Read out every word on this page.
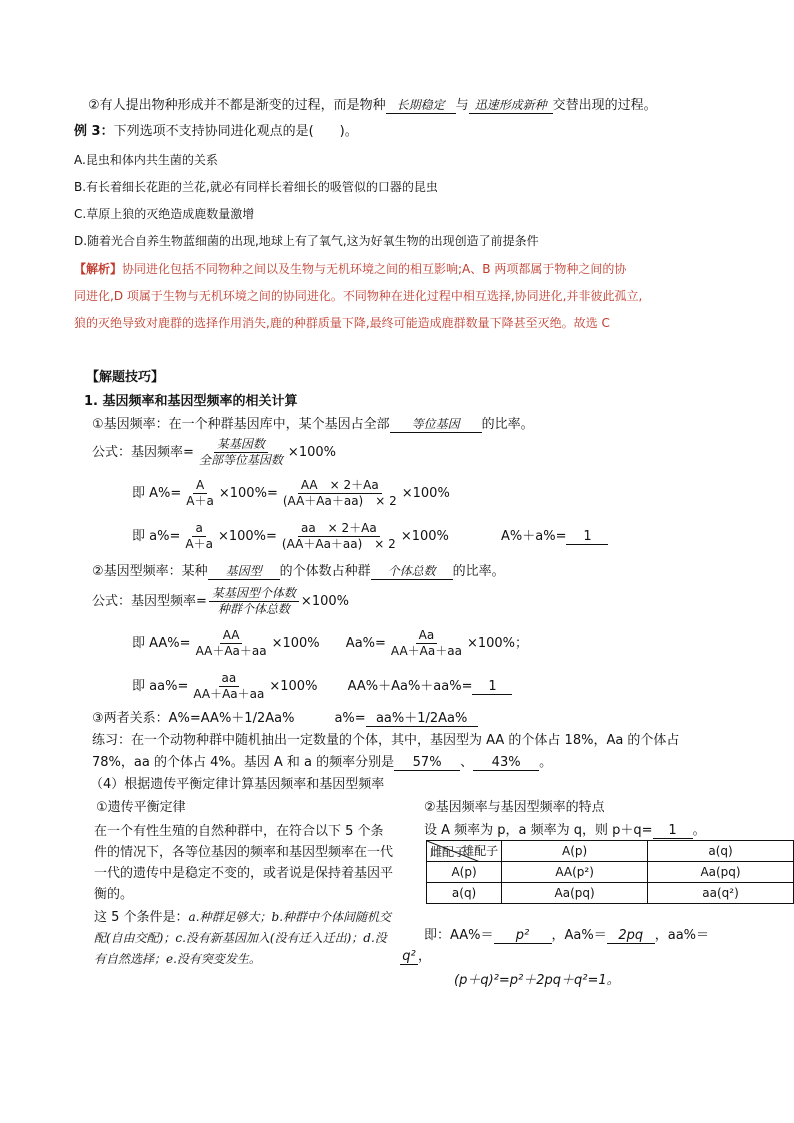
②有人提出物种形成并不都是渐变的过程，而是物种 长期稳定 与 迅速形成新种 交替出现的过程。
例 3：下列选项不支持协同进化观点的是(　　)。
A.昆虫和体内共生菌的关系
B.有长着细长花距的兰花,就必有同样长着细长的吸管似的口器的昆虫
C.草原上狼的灭绝造成鹿数量激增
D.随着光合自养生物蓝细菌的出现,地球上有了氧气,这为好氧生物的出现创造了前提条件
【解析】协同进化包括不同物种之间以及生物与无机环境之间的相互影响;A、B 两项都属于物种之间的协
同进化,D 项属于生物与无机环境之间的协同进化。不同物种在进化过程中相互选择,协同进化,并非彼此孤立,
狼的灭绝导致对鹿群的选择作用消失,鹿的种群质量下降,最终可能造成鹿群数量下降甚至灭绝。故选 C
【解题技巧】
1. 基因频率和基因型频率的相关计算
①基因频率：在一个种群基因库中，某个基因占全部 等位基因 的比率。
公式：基因频率= $\frac{\text{某基因数}}{\text{全部等位基因数}} \times 100\%$
即 $A\%= \frac{A}{A+a} \times 100\%= \frac{AA \times 2+Aa}{(AA+Aa+aa) \times 2} \times 100\%$
即 $a\%= \frac{a}{A+a} \times 100\%= \frac{aa \times 2+Aa}{(AA+Aa+aa) \times 2} \times 100\%$	A%＋a%= 1
②基因型频率：某种 基因型 的个体数占种群 个体总数 的比率。
公式：基因型频率= $\frac{\text{某基因型个体数}}{\text{种群个体总数}} \times 100\%$
即 $AA\%= \frac{AA}{AA+Aa+aa} \times 100\%$ $Aa\%= \frac{Aa}{AA+Aa+aa} \times 100\%$；
即 $aa\%= \frac{aa}{AA+Aa+aa} \times 100\%$ AA%＋Aa%＋aa%= 1
③两者关系：A%=AA%＋1/2Aa%	a%= aa%＋1/2Aa%
练习：在一个动物种群中随机抽出一定数量的个体，其中，基因型为 AA 的个体占 18%，Aa 的个体占
78%，aa 的个体占 4%。基因 A 和 a 的频率分别是 57% 、 43% 。
（4）根据遗传平衡定律计算基因频率和基因型频率
①遗传平衡定律
在一个有性生殖的自然种群中，在符合以下 5 个条件的情况下，各等位基因的频率和基因型频率在一代一代的遗传中是稳定不变的，或者说是保持着基因平衡的。
这 5 个条件是：a.种群足够大；b.种群中个体间随机交配(自由交配)；c.没有新基因加入(没有迁入迁出)；d.没有自然选择；e.没有突变发生。
②基因频率与基因型频率的特点
设 A 频率为 p，a 频率为 q，则 p＋q= 1 。
雄配子
雌配子	A(p)	a(q)
A(p)	AA(p²)	Aa(pq)
a(q)	Aa(pq)	aa(q²)
即：AA%＝ p² ，Aa%＝ 2pq ，aa%＝
q² ，
(p＋q)²=p²＋2pq＋q²=1。
